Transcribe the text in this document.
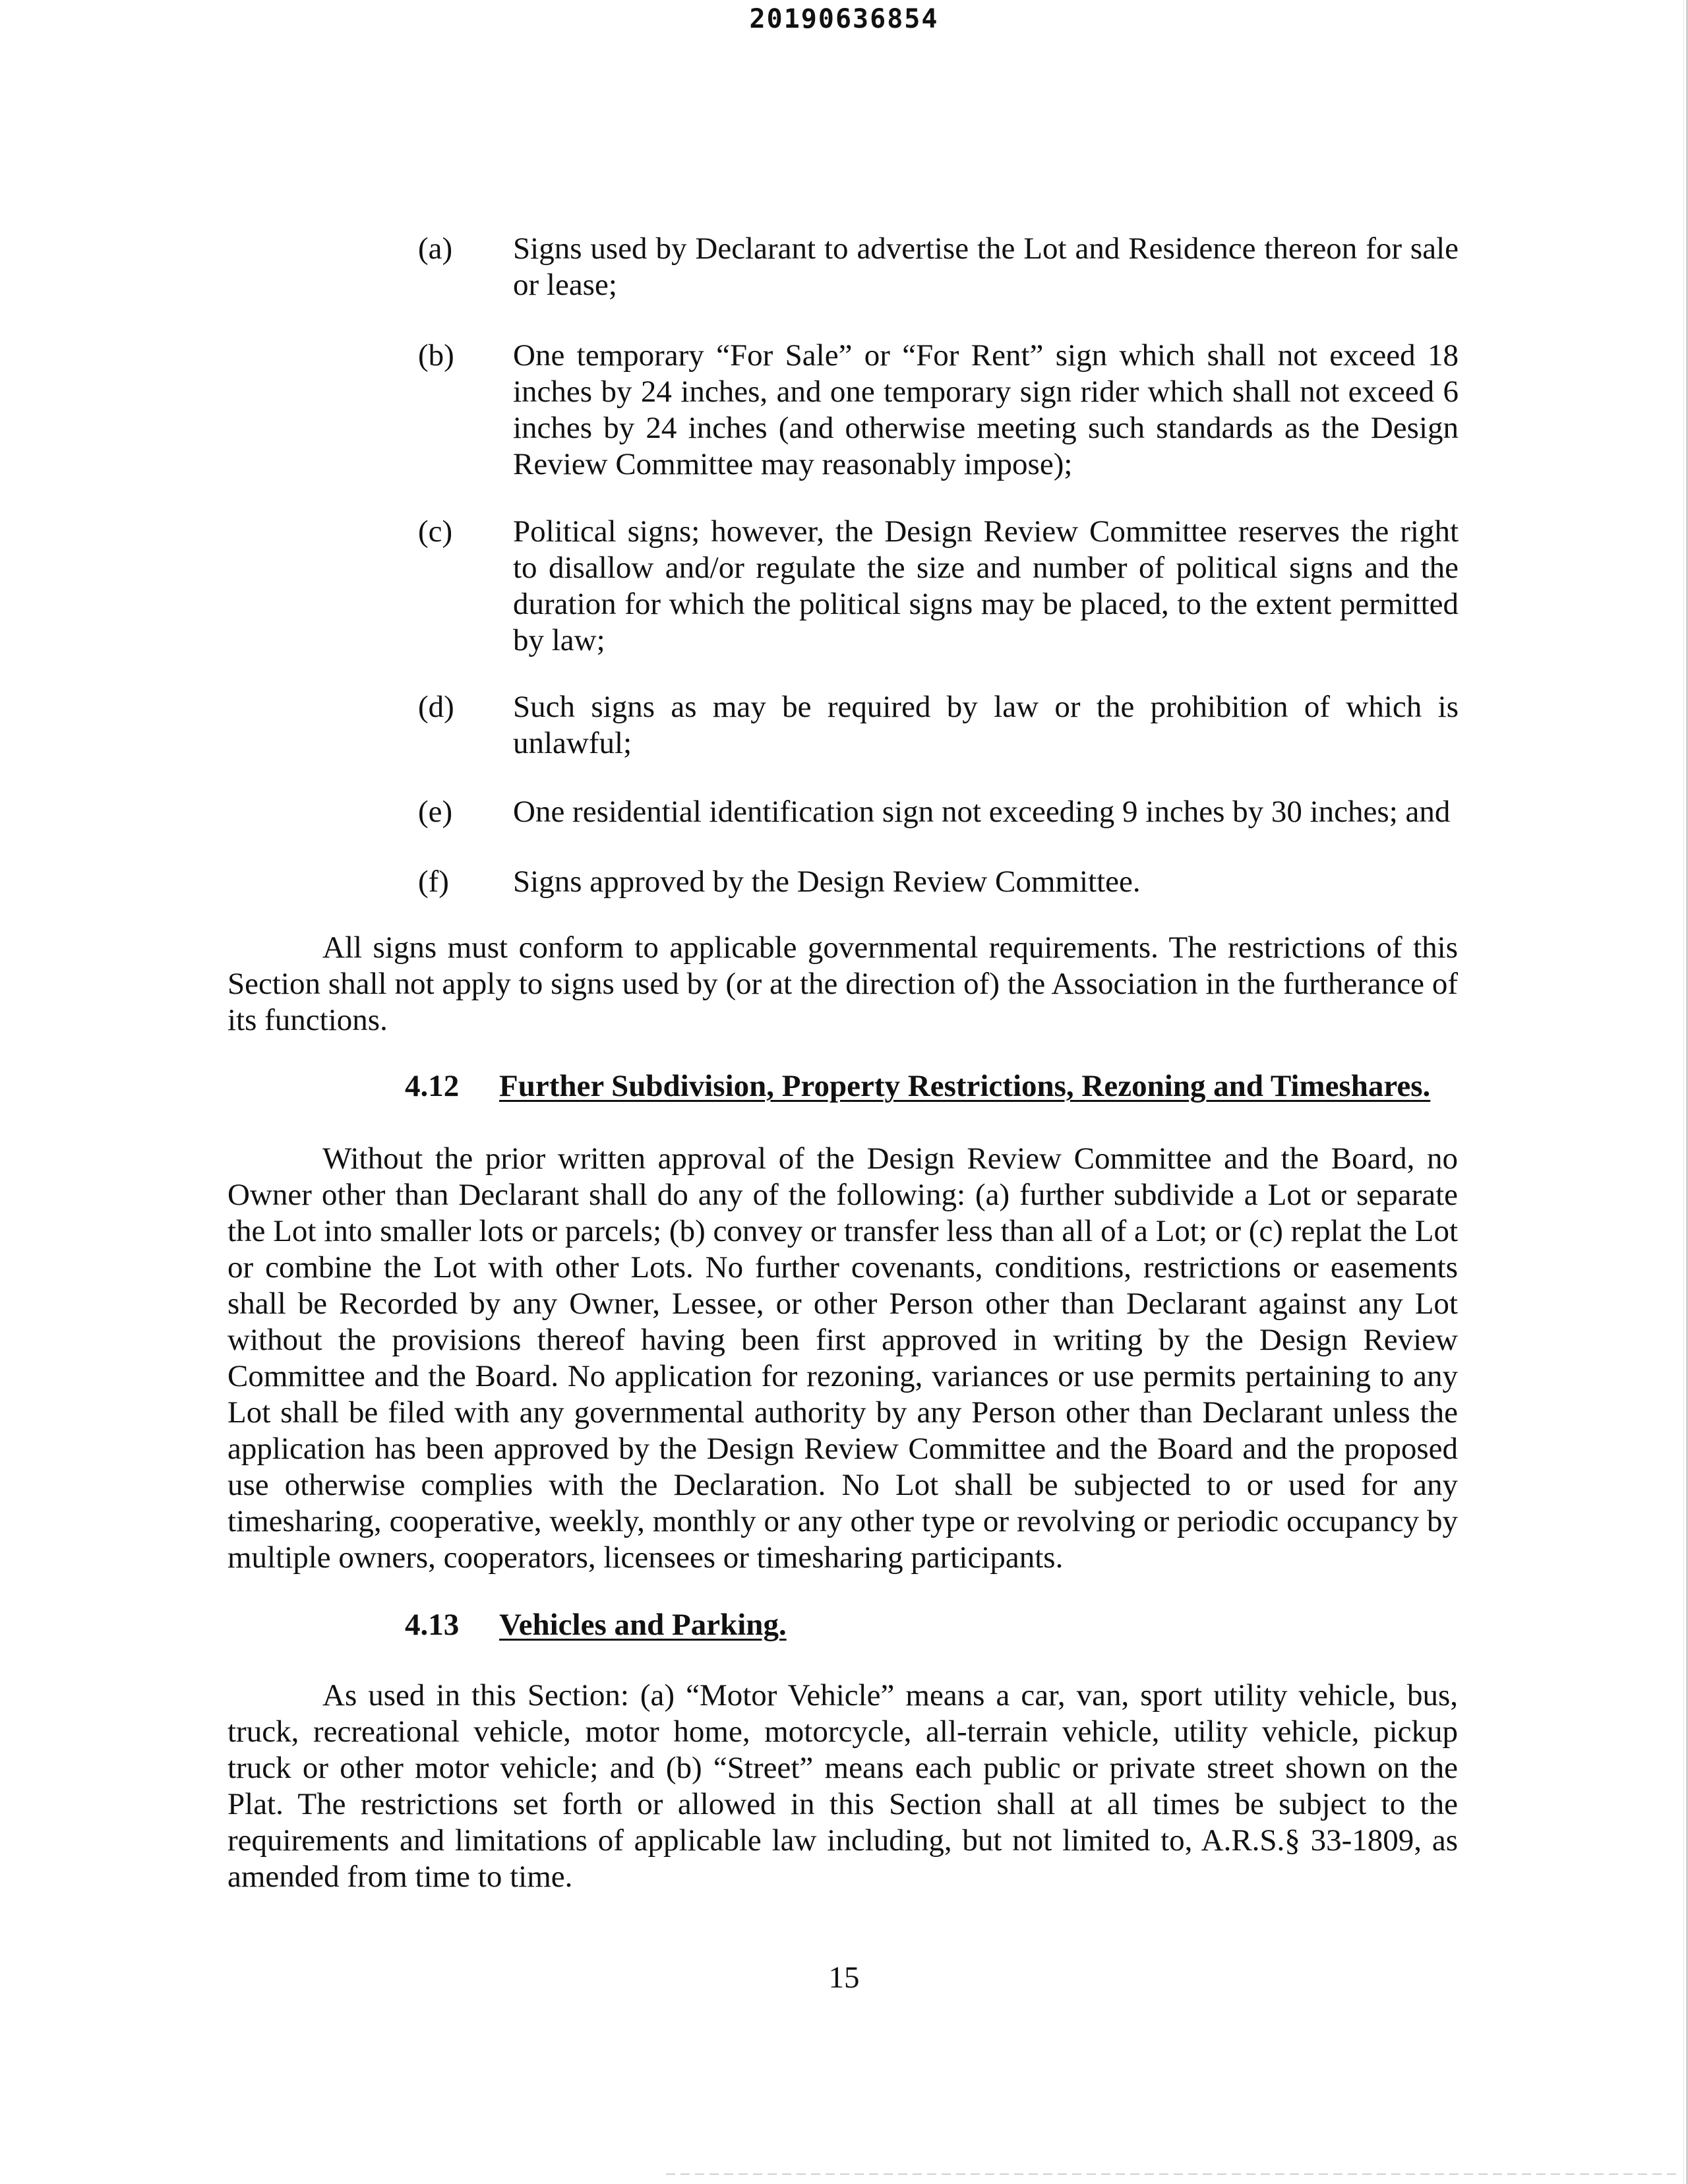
20190636854
(a)	Signs used by Declarant to advertise the Lot and Residence thereon for sale or lease;
(b)	One temporary “For Sale” or “For Rent” sign which shall not exceed 18 inches by 24 inches, and one temporary sign rider which shall not exceed 6 inches by 24 inches (and otherwise meeting such standards as the Design Review Committee may reasonably impose);
(c)	Political signs; however, the Design Review Committee reserves the right to disallow and/or regulate the size and number of political signs and the duration for which the political signs may be placed, to the extent permitted by law;
(d)	Such signs as may be required by law or the prohibition of which is unlawful;
(e)	One residential identification sign not exceeding 9 inches by 30 inches; and
(f)	Signs approved by the Design Review Committee.
All signs must conform to applicable governmental requirements. The restrictions of this Section shall not apply to signs used by (or at the direction of) the Association in the furtherance of its functions.
4.12 Further Subdivision, Property Restrictions, Rezoning and Timeshares.
Without the prior written approval of the Design Review Committee and the Board, no Owner other than Declarant shall do any of the following: (a) further subdivide a Lot or separate the Lot into smaller lots or parcels; (b) convey or transfer less than all of a Lot; or (c) replat the Lot or combine the Lot with other Lots. No further covenants, conditions, restrictions or easements shall be Recorded by any Owner, Lessee, or other Person other than Declarant against any Lot without the provisions thereof having been first approved in writing by the Design Review Committee and the Board. No application for rezoning, variances or use permits pertaining to any Lot shall be filed with any governmental authority by any Person other than Declarant unless the application has been approved by the Design Review Committee and the Board and the proposed use otherwise complies with the Declaration. No Lot shall be subjected to or used for any timesharing, cooperative, weekly, monthly or any other type or revolving or periodic occupancy by multiple owners, cooperators, licensees or timesharing participants.
4.13 Vehicles and Parking.
As used in this Section: (a) “Motor Vehicle” means a car, van, sport utility vehicle, bus, truck, recreational vehicle, motor home, motorcycle, all-terrain vehicle, utility vehicle, pickup truck or other motor vehicle; and (b) “Street” means each public or private street shown on the Plat. The restrictions set forth or allowed in this Section shall at all times be subject to the requirements and limitations of applicable law including, but not limited to, A.R.S.§ 33-1809, as amended from time to time.
15
